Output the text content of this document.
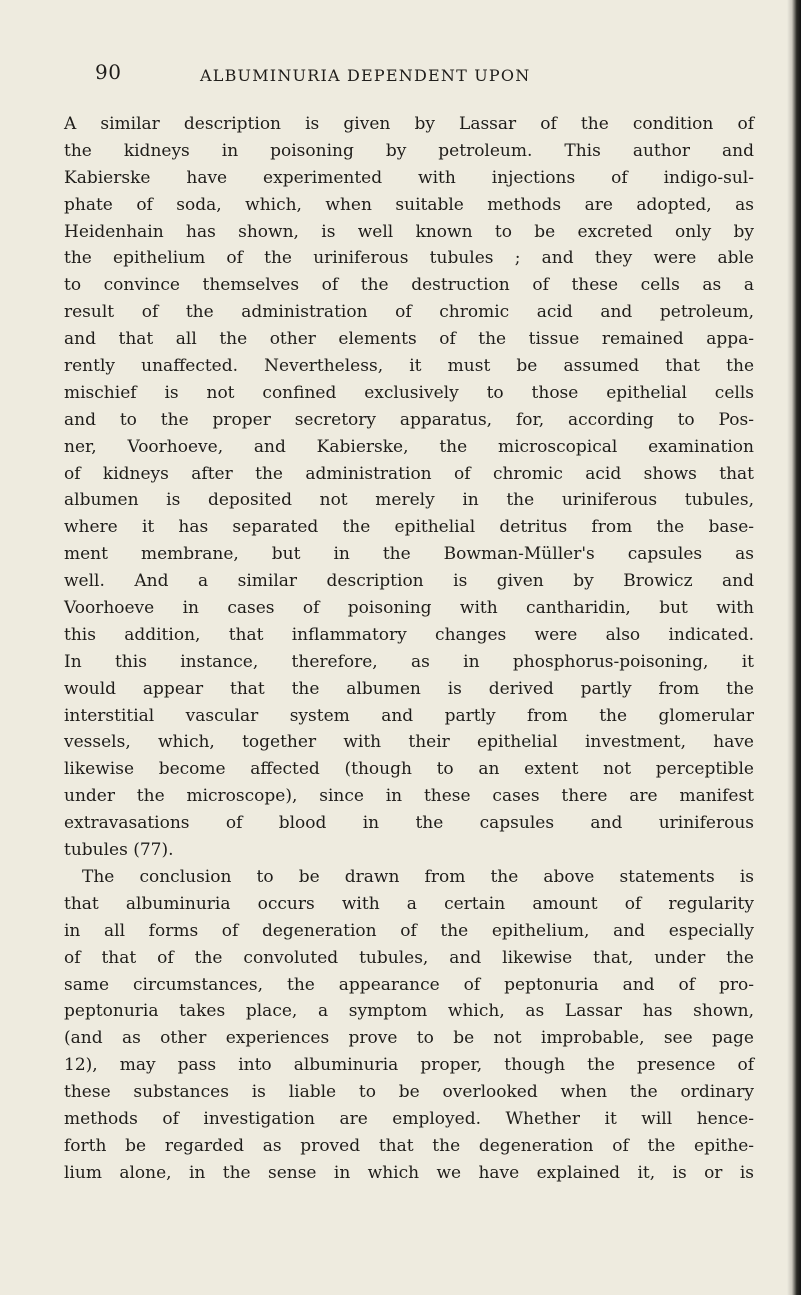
90	ALBUMINURIA DEPENDENT UPON
A similar description is given by Lassar of the condition of
the kidneys in poisoning by petroleum. This author and
Kabierske have experimented with injections of indigo-sul-
phate of soda, which, when suitable methods are adopted, as
Heidenhain has shown, is well known to be excreted only by
the epithelium of the uriniferous tubules ; and they were able
to convince themselves of the destruction of these cells as a
result of the administration of chromic acid and petroleum,
and that all the other elements of the tissue remained appa-
rently unaffected. Nevertheless, it must be assumed that the
mischief is not confined exclusively to those epithelial cells
and to the proper secretory apparatus, for, according to Pos-
ner, Voorhoeve, and Kabierske, the microscopical examination
of kidneys after the administration of chromic acid shows that
albumen is deposited not merely in the uriniferous tubules,
where it has separated the epithelial detritus from the base-
ment membrane, but in the Bowman-Müller's capsules as
well. And a similar description is given by Browicz and
Voorhoeve in cases of poisoning with cantharidin, but with
this addition, that inflammatory changes were also indicated.
In this instance, therefore, as in phosphorus-poisoning, it
would appear that the albumen is derived partly from the
interstitial vascular system and partly from the glomerular
vessels, which, together with their epithelial investment, have
likewise become affected (though to an extent not perceptible
under the microscope), since in these cases there are manifest
extravasations of blood in the capsules and uriniferous
tubules (77).
The conclusion to be drawn from the above statements is
that albuminuria occurs with a certain amount of regularity
in all forms of degeneration of the epithelium, and especially
of that of the convoluted tubules, and likewise that, under the
same circumstances, the appearance of peptonuria and of pro-
peptonuria takes place, a symptom which, as Lassar has shown,
(and as other experiences prove to be not improbable, see page
12), may pass into albuminuria proper, though the presence of
these substances is liable to be overlooked when the ordinary
methods of investigation are employed. Whether it will hence-
forth be regarded as proved that the degeneration of the epithe-
lium alone, in the sense in which we have explained it, is or is
